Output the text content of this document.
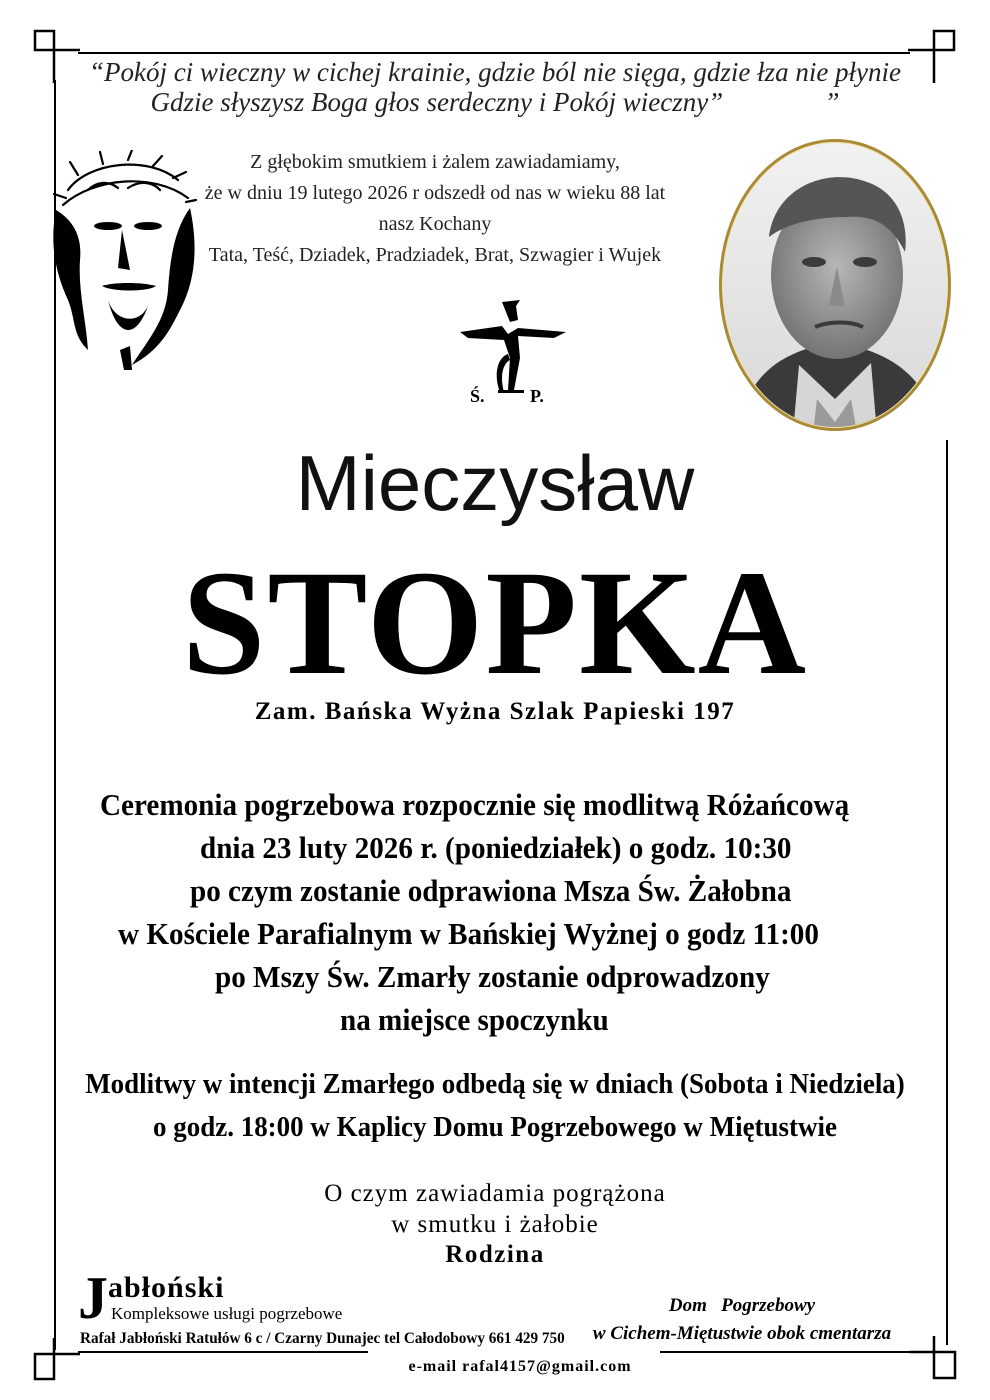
“Pokój ci wieczny w cichej krainie, gdzie ból nie sięga, gdzie łza nie płynie
Gdzie słyszysz Boga głos serdeczny i Pokój wieczny”               ”
Z głębokim smutkiem i żalem zawiadamiamy,
że w dniu 19 lutego 2026 r odszedł od nas w wieku 88 lat
nasz Kochany
Tata, Teść, Dziadek, Pradziadek, Brat, Szwagier i Wujek
Ś.	P.
Mieczysław
STOPKA
Zam. Bańska Wyżna Szlak Papieski 197
Ceremonia pogrzebowa rozpocznie się modlitwą Różańcową
dnia 23 luty 2026 r. (poniedziałek) o godz. 10:30
po czym zostanie odprawiona Msza Św. Żałobna
w Kościele Parafialnym w Bańskiej Wyżnej o godz 11:00
po Mszy Św. Zmarły zostanie odprowadzony
na miejsce spoczynku
Modlitwy w intencji Zmarłego odbedą się w dniach (Sobota i Niedziela)
o godz. 18:00 w Kaplicy Domu Pogrzebowego w Miętustwie
O czym zawiadamia pogrążona
w smutku i żałobie
Rodzina
J abłoński
Kompleksowe usługi pogrzebowe
Rafał Jabłoński Ratułów 6 c / Czarny Dunajec tel Całodobowy 661 429 750
e-mail rafal4157@gmail.com
Dom   Pogrzebowy
w Cichem-Miętustwie obok cmentarza
